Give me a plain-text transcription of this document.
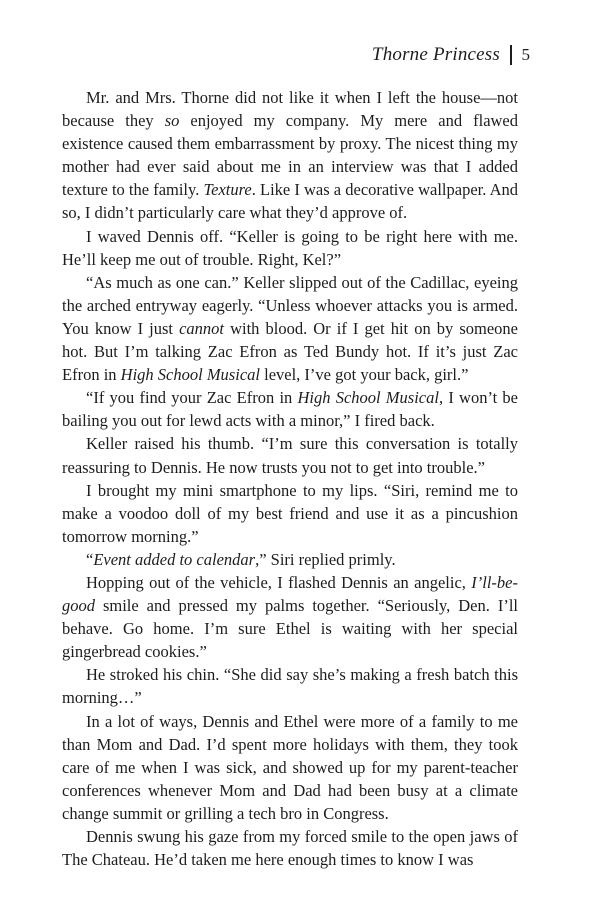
Thorne Princess 5

Mr. and Mrs. Thorne did not like it when I left the house—not because they so enjoyed my company. My mere and flawed existence caused them embarrassment by proxy. The nicest thing my mother had ever said about me in an interview was that I added texture to the family. Texture. Like I was a decorative wallpaper. And so, I didn’t particularly care what they’d approve of.

I waved Dennis off. “Keller is going to be right here with me. He’ll keep me out of trouble. Right, Kel?”

“As much as one can.” Keller slipped out of the Cadillac, eyeing the arched entryway eagerly. “Unless whoever attacks you is armed. You know I just cannot with blood. Or if I get hit on by someone hot. But I’m talking Zac Efron as Ted Bundy hot. If it’s just Zac Efron in High School Musical level, I’ve got your back, girl.”

“If you find your Zac Efron in High School Musical, I won’t be bailing you out for lewd acts with a minor,” I fired back.

Keller raised his thumb. “I’m sure this conversation is totally reassuring to Dennis. He now trusts you not to get into trouble.”

I brought my mini smartphone to my lips. “Siri, remind me to make a voodoo doll of my best friend and use it as a pincushion tomorrow morning.”

“Event added to calendar,” Siri replied primly.

Hopping out of the vehicle, I flashed Dennis an angelic, I’ll-be-good smile and pressed my palms together. “Seriously, Den. I’ll behave. Go home. I’m sure Ethel is waiting with her special gingerbread cookies.”

He stroked his chin. “She did say she’s making a fresh batch this morning…”

In a lot of ways, Dennis and Ethel were more of a family to me than Mom and Dad. I’d spent more holidays with them, they took care of me when I was sick, and showed up for my parent-teacher conferences whenever Mom and Dad had been busy at a climate change summit or grilling a tech bro in Congress.

Dennis swung his gaze from my forced smile to the open jaws of The Chateau. He’d taken me here enough times to know I was
